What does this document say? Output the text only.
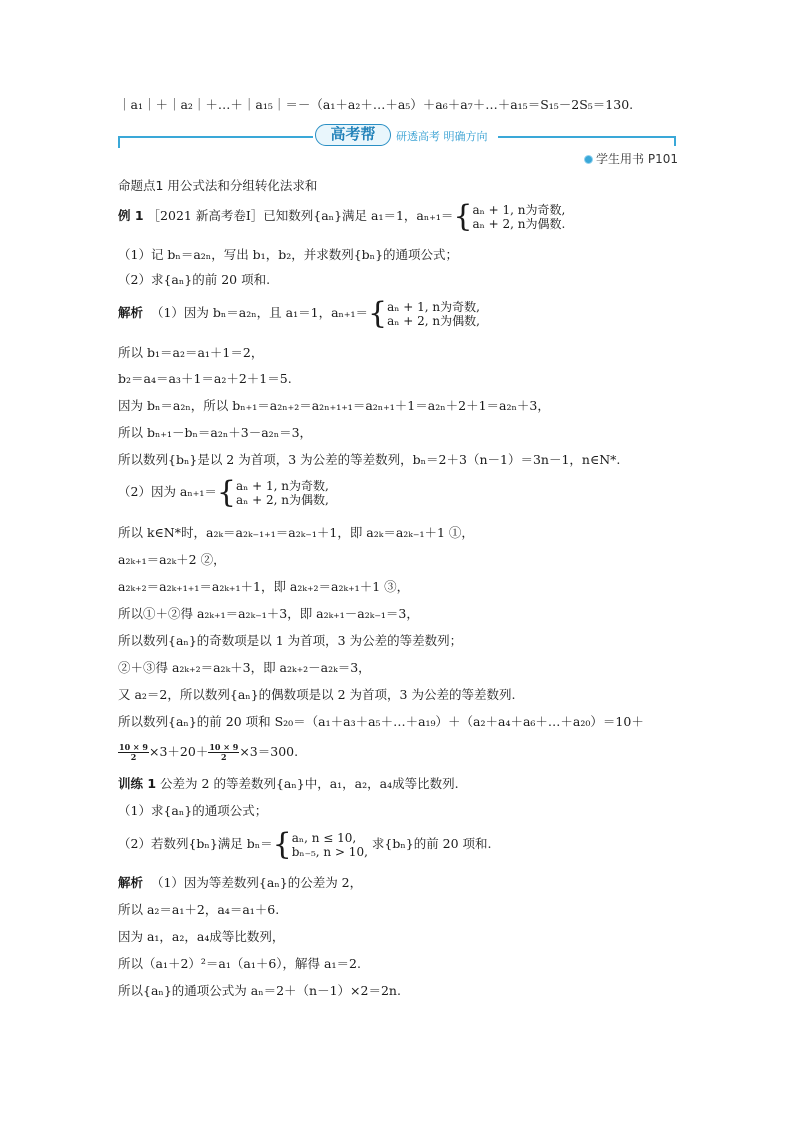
｜a₁｜＋｜a₂｜＋…＋｜a₁₅｜＝－（a₁＋a₂＋…＋a₅）＋a₆＋a₇＋…＋a₁₅＝S₁₅－2S₅＝130.
高考帮	研透高考 明确方向
学生用书 P101
命题点1 用公式法和分组转化法求和
例 1 ［2021 新高考卷Ⅰ］已知数列{aₙ}满足 a₁＝1，aₙ₊₁＝{aₙ + 1, n为奇数,
aₙ + 2, n为偶数.
（1）记 bₙ＝a₂ₙ，写出 b₁，b₂，并求数列{bₙ}的通项公式；
（2）求{aₙ}的前 20 项和.
解析 （1）因为 bₙ＝a₂ₙ，且 a₁＝1，aₙ₊₁＝{aₙ + 1, n为奇数,
aₙ + 2, n为偶数,
所以 b₁＝a₂＝a₁＋1＝2，
b₂＝a₄＝a₃＋1＝a₂＋2＋1＝5.
因为 bₙ＝a₂ₙ，所以 bₙ₊₁＝a₂ₙ₊₂＝a₂ₙ₊₁₊₁＝a₂ₙ₊₁＋1＝a₂ₙ＋2＋1＝a₂ₙ＋3，
所以 bₙ₊₁－bₙ＝a₂ₙ＋3－a₂ₙ＝3，
所以数列{bₙ}是以 2 为首项，3 为公差的等差数列，bₙ＝2＋3（n－1）＝3n－1，n∈N*.
（2）因为 aₙ₊₁＝{aₙ + 1, n为奇数,
aₙ + 2, n为偶数,
所以 k∈N*时，a₂ₖ＝a₂ₖ₋₁₊₁＝a₂ₖ₋₁＋1，即 a₂ₖ＝a₂ₖ₋₁＋1 ①，
a₂ₖ₊₁＝a₂ₖ＋2 ②，
a₂ₖ₊₂＝a₂ₖ₊₁₊₁＝a₂ₖ₊₁＋1，即 a₂ₖ₊₂＝a₂ₖ₊₁＋1 ③，
所以①＋②得 a₂ₖ₊₁＝a₂ₖ₋₁＋3，即 a₂ₖ₊₁－a₂ₖ₋₁＝3，
所以数列{aₙ}的奇数项是以 1 为首项，3 为公差的等差数列；
②＋③得 a₂ₖ₊₂＝a₂ₖ＋3，即 a₂ₖ₊₂－a₂ₖ＝3，
又 a₂＝2，所以数列{aₙ}的偶数项是以 2 为首项，3 为公差的等差数列.
所以数列{aₙ}的前 20 项和 S₂₀＝（a₁＋a₃＋a₅＋…＋a₁₉）＋（a₂＋a₄＋a₆＋…＋a₂₀）＝10＋
$\frac{10 \times 9}{2} \times 3+20+ \frac{10 \times 9}{2} \times 3=300$.
训练 1 公差为 2 的等差数列{aₙ}中，a₁，a₂，a₄成等比数列.
（1）求{aₙ}的通项公式；
（2）若数列{bₙ}满足 bₙ＝{aₙ, n ≤ 10,
bₙ₋₅, n > 10, 求{bₙ}的前 20 项和.
解析 （1）因为等差数列{aₙ}的公差为 2，
所以 a₂＝a₁＋2，a₄＝a₁＋6.
因为 a₁，a₂，a₄成等比数列，
所以（a₁＋2）²＝a₁（a₁＋6），解得 a₁＝2.
所以{aₙ}的通项公式为 aₙ＝2＋（n－1）×2＝2n.
